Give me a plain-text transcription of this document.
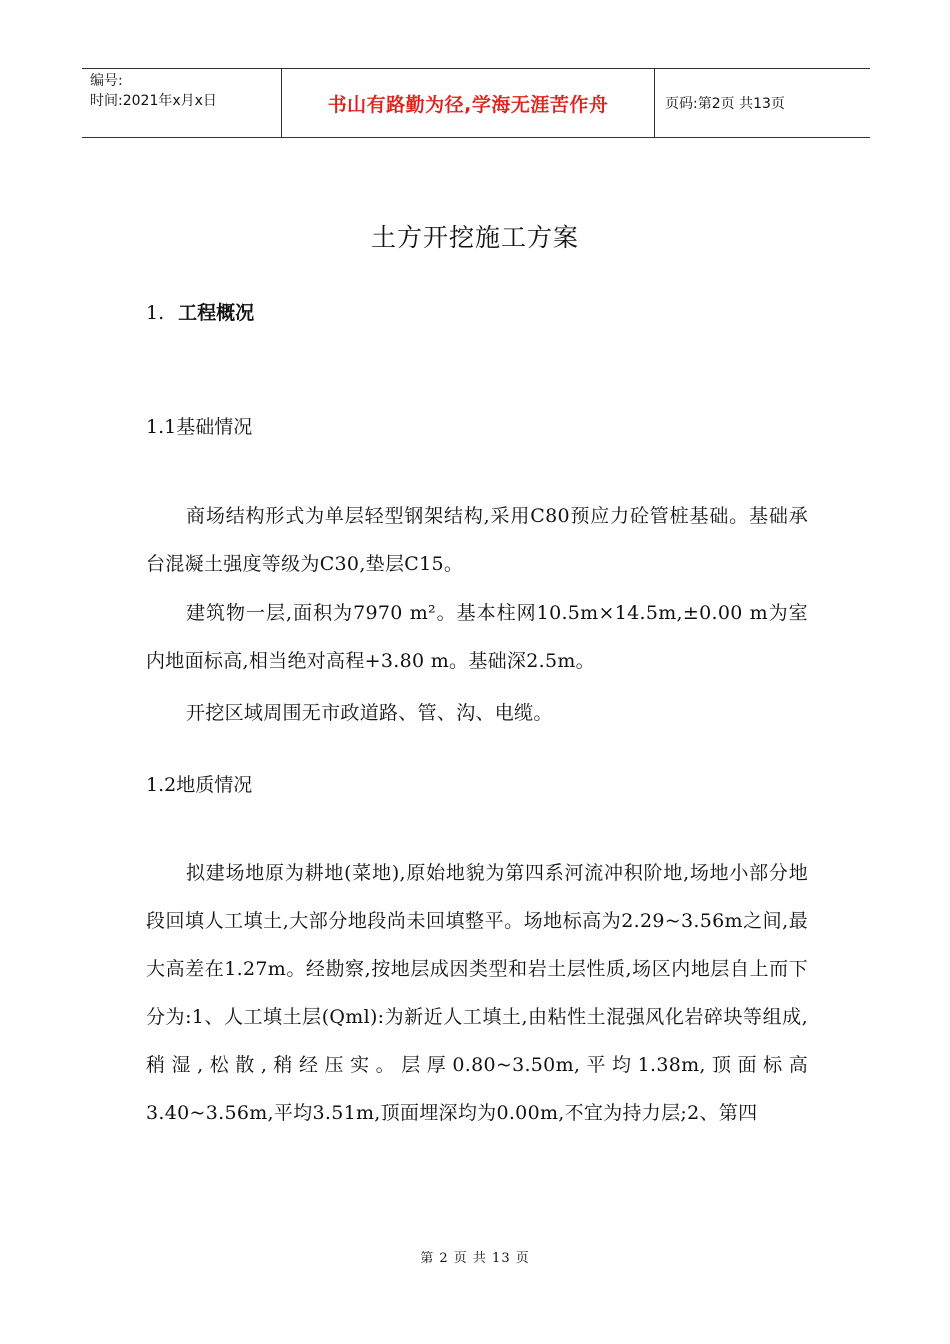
编号:
时间:2021年x月x日	书山有路勤为径,学海无涯苦作舟	页码:第2页 共13页
土方开挖施工方案
1. 工程概况
1.1基础情况

商场结构形式为单层轻型钢架结构,采用C80预应力砼管桩基础。基础承台混凝土强度等级为C30,垫层C15。

建筑物一层,面积为7970 m²。基本柱网10.5m×14.5m,±0.00 m为室内地面标高,相当绝对高程+3.80 m。基础深2.5m。

开挖区域周围无市政道路、管、沟、电缆。

1.2地质情况

拟建场地原为耕地(菜地),原始地貌为第四系河流冲积阶地,场地小部分地段回填人工填土,大部分地段尚未回填整平。场地标高为2.29~3.56m之间,最大高差在1.27m。经勘察,按地层成因类型和岩土层性质,场区内地层自上而下分为:1、人工填土层(Qml):为新近人工填土,由粘性土混强风化岩碎块等组成,稍湿,松散,稍经压实。层厚0.80~3.50m,平均1.38m,顶面标高3.40~3.56m,平均3.51m,顶面埋深均为0.00m,不宜为持力层;2、第四

第 2 页 共 13 页
